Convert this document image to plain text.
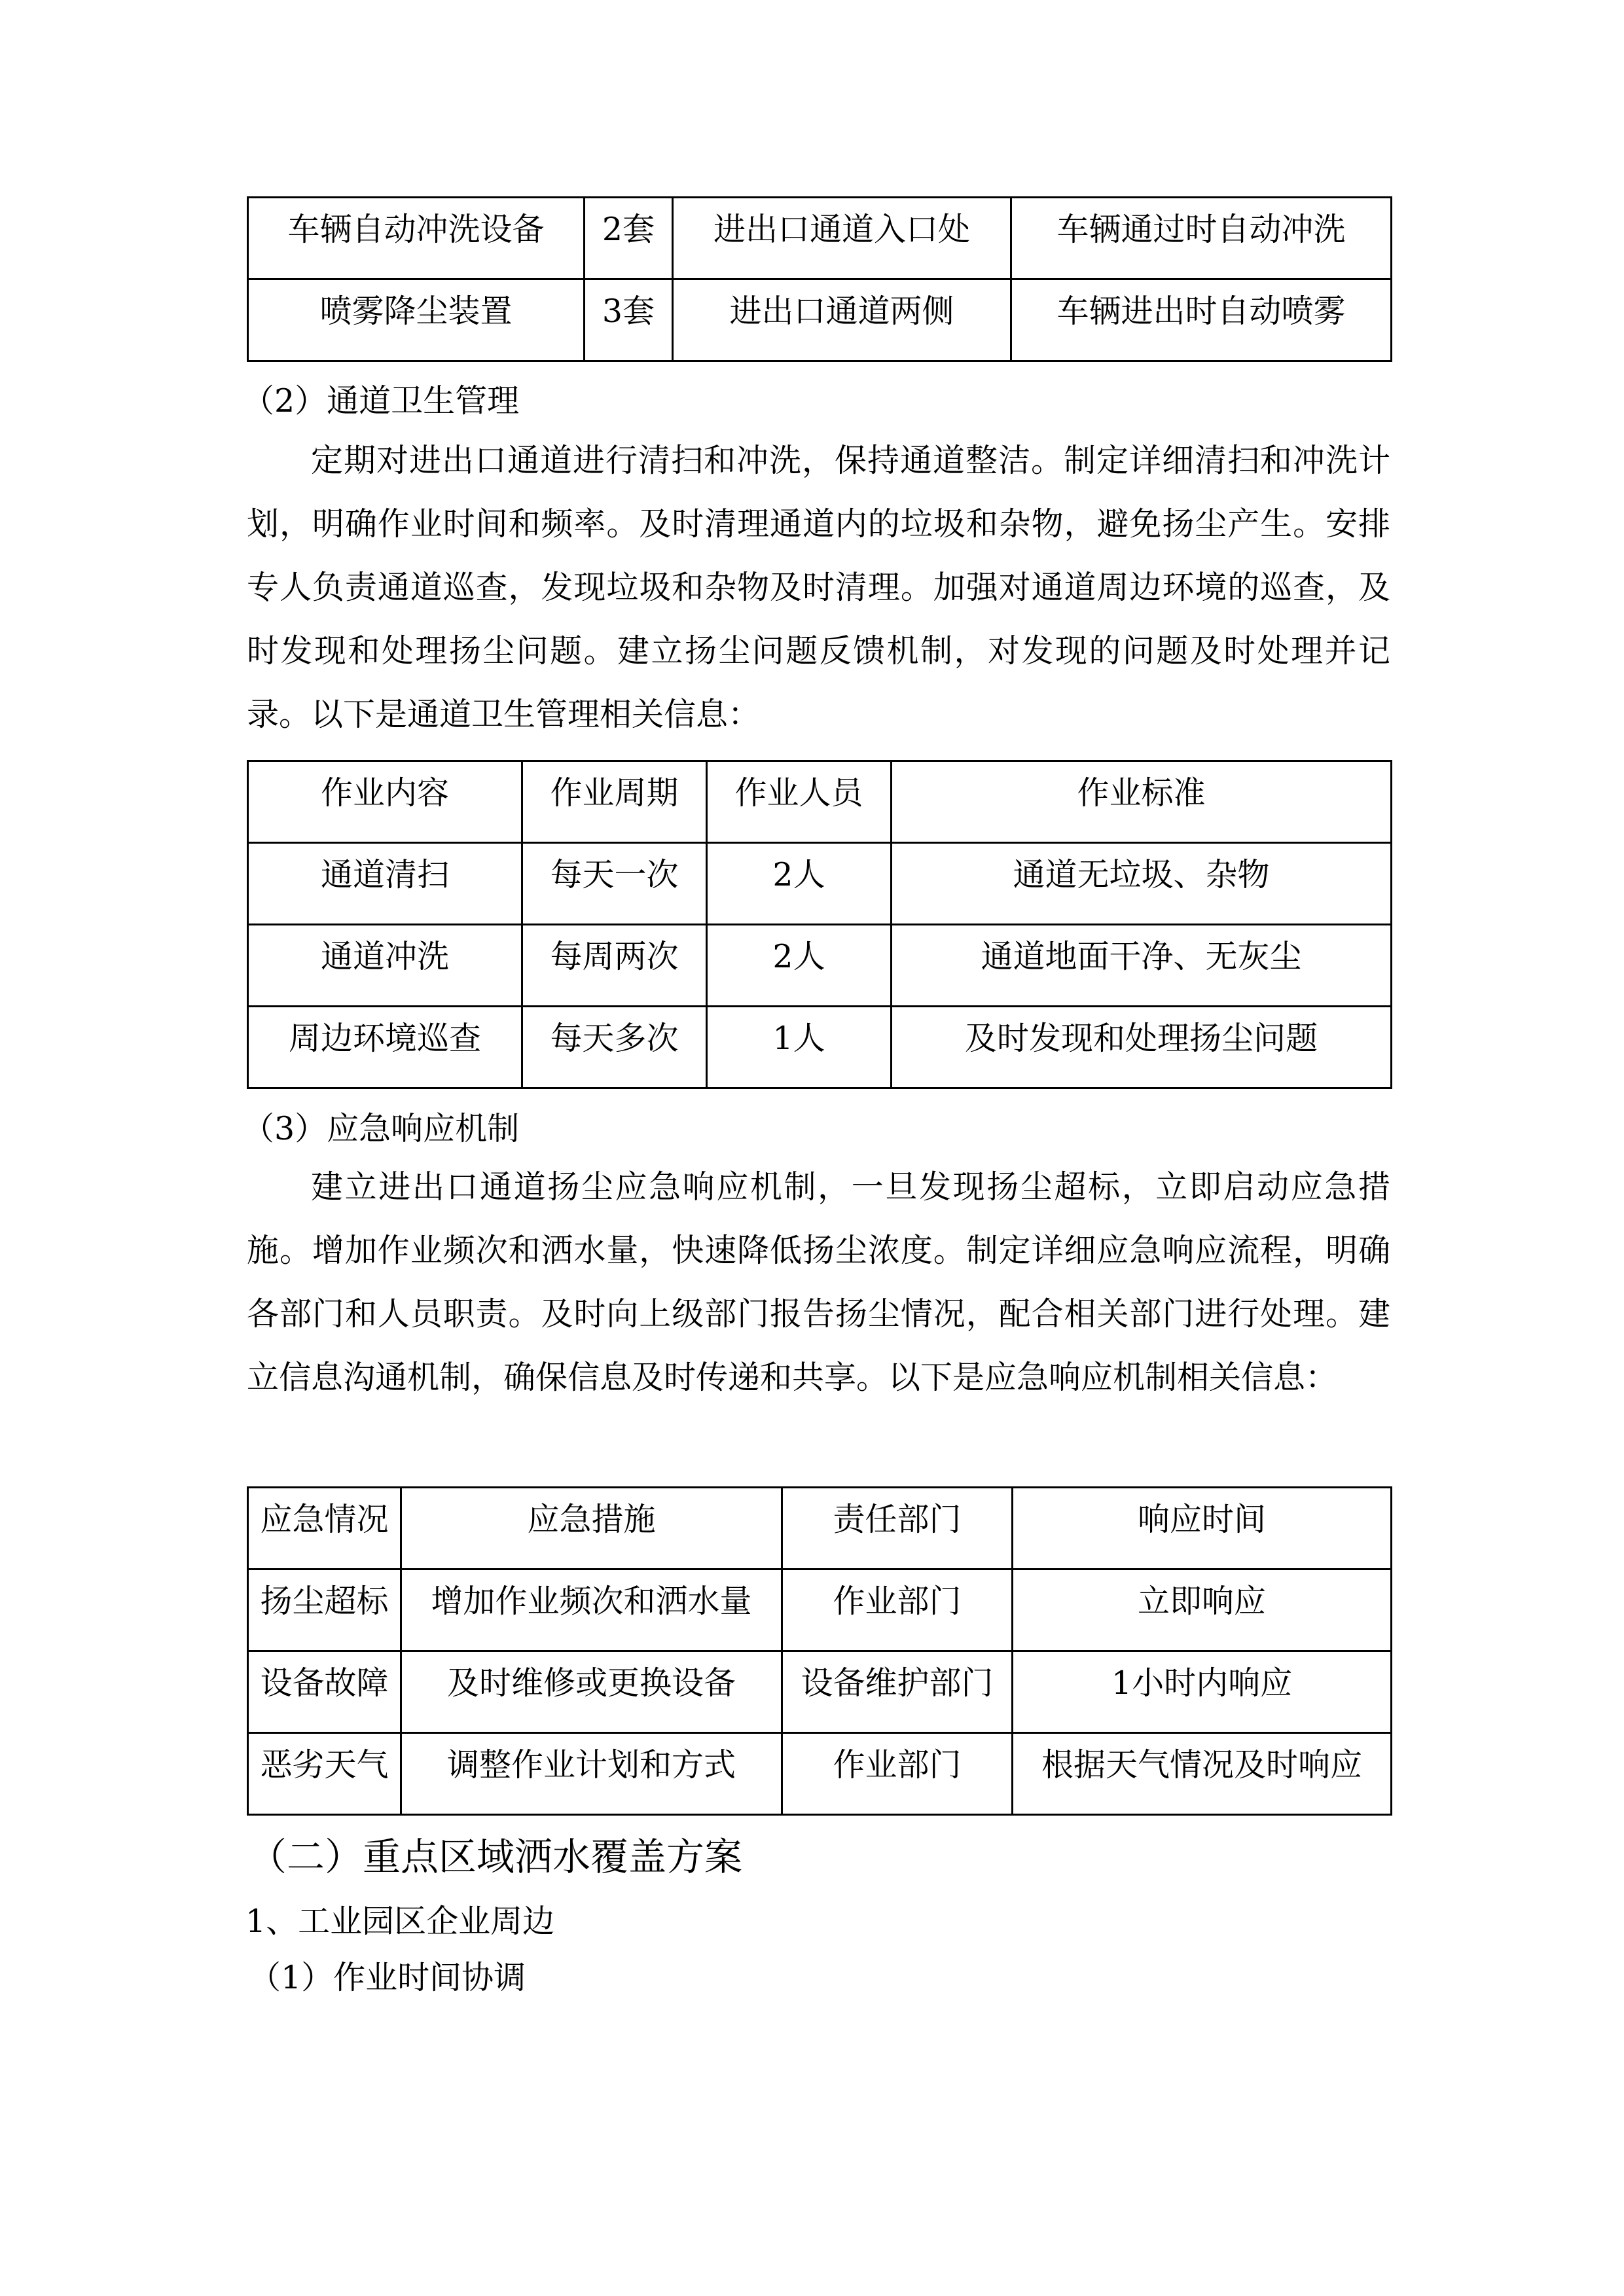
车辆自动冲洗设备	2套	进出口通道入口处	车辆通过时自动冲洗
喷雾降尘装置	3套	进出口通道两侧	车辆进出时自动喷雾
（2）通道卫生管理
定期对进出口通道进行清扫和冲洗，保持通道整洁。制定详细清扫和冲洗计划，明确作业时间和频率。及时清理通道内的垃圾和杂物，避免扬尘产生。安排专人负责通道巡查，发现垃圾和杂物及时清理。加强对通道周边环境的巡查，及时发现和处理扬尘问题。建立扬尘问题反馈机制，对发现的问题及时处理并记录。以下是通道卫生管理相关信息：
作业内容	作业周期	作业人员	作业标准
通道清扫	每天一次	2人	通道无垃圾、杂物
通道冲洗	每周两次	2人	通道地面干净、无灰尘
周边环境巡查	每天多次	1人	及时发现和处理扬尘问题
（3）应急响应机制
建立进出口通道扬尘应急响应机制，一旦发现扬尘超标，立即启动应急措施。增加作业频次和洒水量，快速降低扬尘浓度。制定详细应急响应流程，明确各部门和人员职责。及时向上级部门报告扬尘情况，配合相关部门进行处理。建立信息沟通机制，确保信息及时传递和共享。以下是应急响应机制相关信息：
应急情况	应急措施	责任部门	响应时间
扬尘超标	增加作业频次和洒水量	作业部门	立即响应
设备故障	及时维修或更换设备	设备维护部门	1小时内响应
恶劣天气	调整作业计划和方式	作业部门	根据天气情况及时响应
（二）重点区域洒水覆盖方案
1、工业园区企业周边
（1）作业时间协调
